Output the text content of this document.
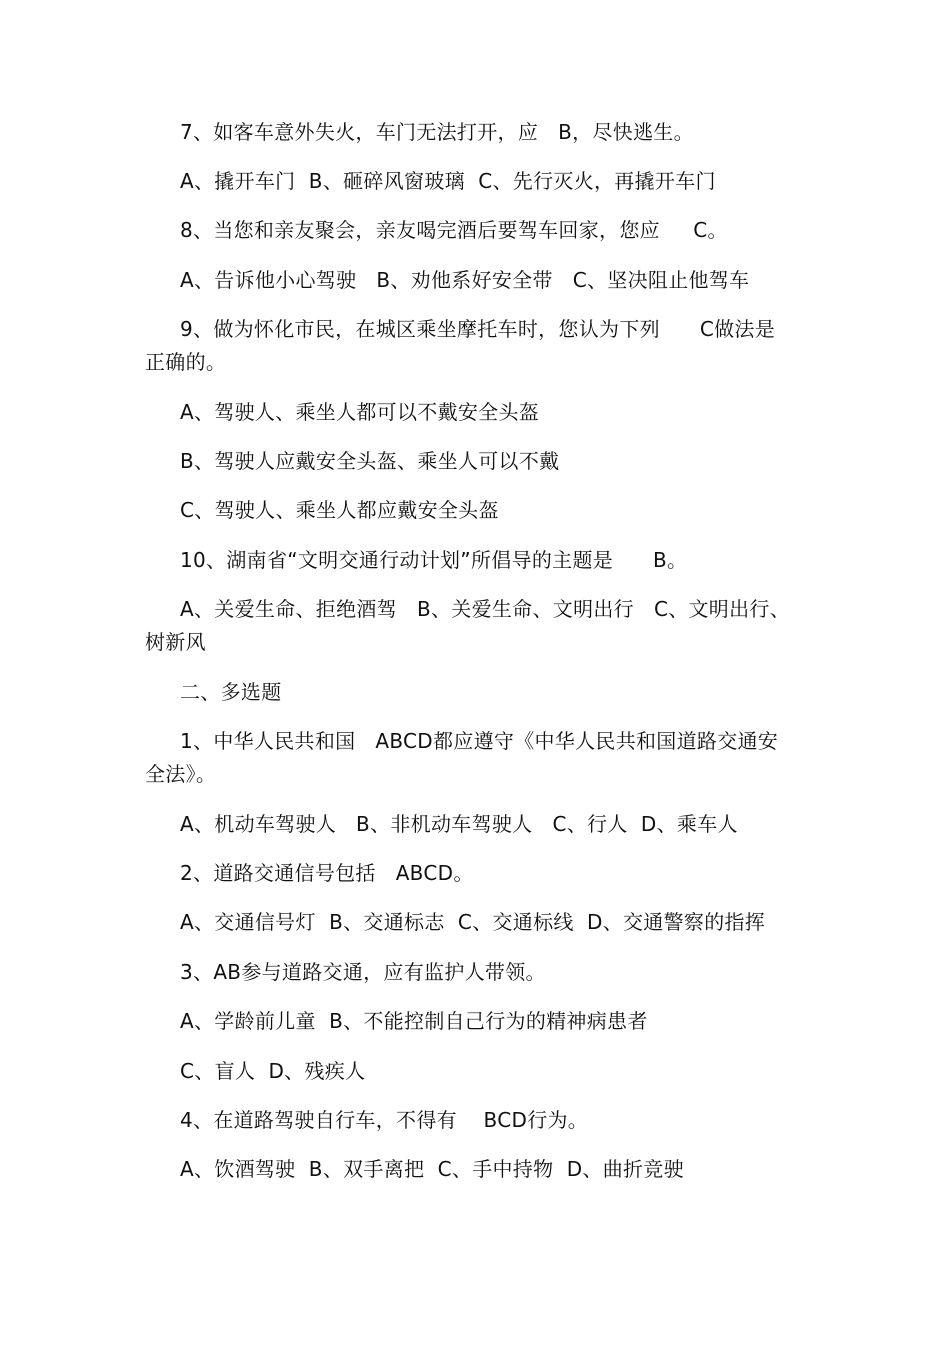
7、如客车意外失火，车门无法打开，应   B，尽快逃生。

A、撬开车门  B、砸碎风窗玻璃  C、先行灭火，再撬开车门

8、当您和亲友聚会，亲友喝完酒后要驾车回家，您应     C。

A、告诉他小心驾驶   B、劝他系好安全带   C、坚决阻止他驾车

9、做为怀化市民，在城区乘坐摩托车时，您认为下列      C做法是

正确的。

A、驾驶人、乘坐人都可以不戴安全头盔

B、驾驶人应戴安全头盔、乘坐人可以不戴

C、驾驶人、乘坐人都应戴安全头盔

10、湖南省“文明交通行动计划”所倡导的主题是      B。

A、关爱生命、拒绝酒驾   B、关爱生命、文明出行   C、文明出行、

树新风

二、多选题

1、中华人民共和国   ABCD都应遵守《中华人民共和国道路交通安

全法》。

A、机动车驾驶人   B、非机动车驾驶人   C、行人  D、乘车人

2、道路交通信号包括   ABCD。

A、交通信号灯  B、交通标志  C、交通标线  D、交通警察的指挥

3、AB参与道路交通，应有监护人带领。

A、学龄前儿童  B、不能控制自己行为的精神病患者

C、盲人  D、残疾人

4、在道路驾驶自行车，不得有    BCD行为。

A、饮酒驾驶  B、双手离把  C、手中持物  D、曲折竞驶
